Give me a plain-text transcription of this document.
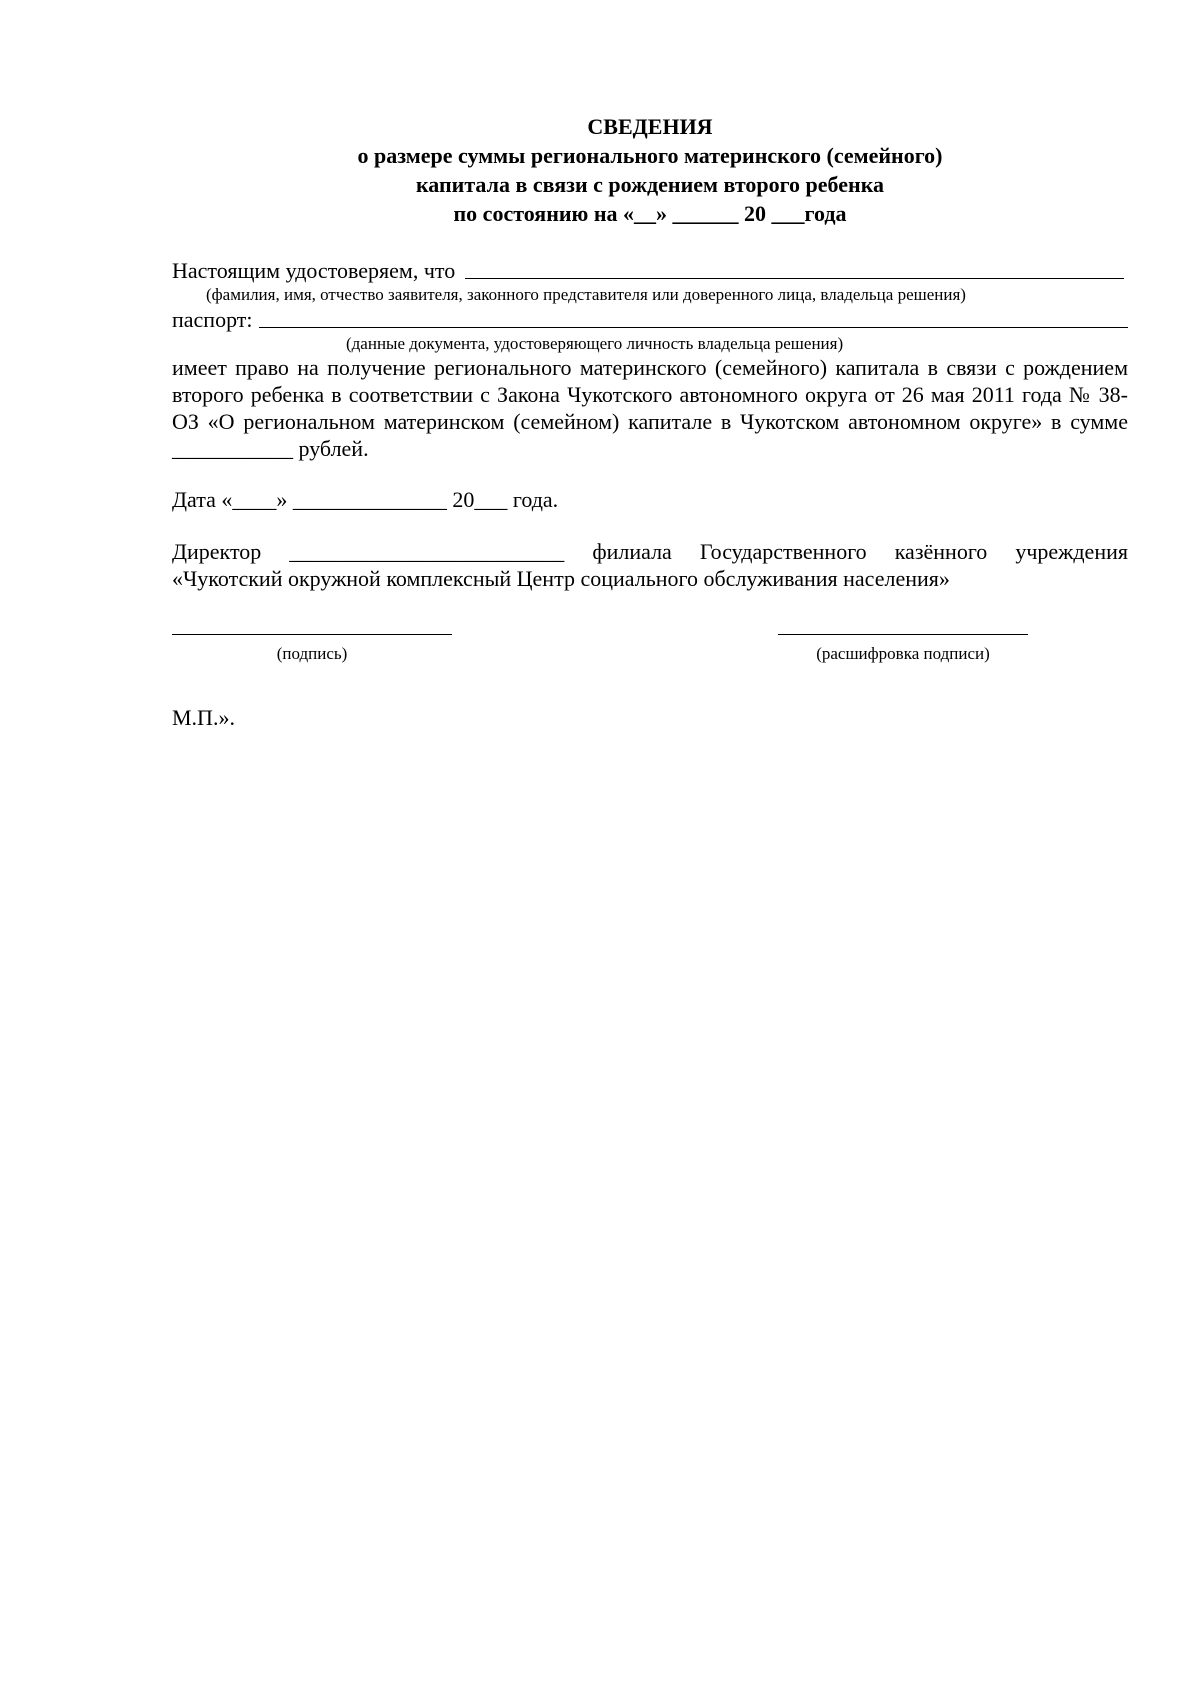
СВЕДЕНИЯ
о размере суммы регионального материнского (семейного)
капитала в связи с рождением второго ребенка
по состоянию на «__» ______ 20 ___года
Настоящим удостоверяем, что
(фамилия, имя, отчество заявителя, законного представителя или доверенного лица, владельца решения)
паспорт:
(данные документа, удостоверяющего личность владельца решения)
имеет право на получение регионального материнского (семейного) капитала в связи с рождением второго ребенка в соответствии с Закона Чукотского автономного округа от 26 мая 2011 года № 38-ОЗ «О региональном материнском (семейном) капитале в Чукотском автономном округе» в сумме ___________ рублей.
Дата «____» ______________ 20___ года.
Директор _________________________ филиала Государственного казённого учреждения «Чукотский окружной комплексный Центр социального обслуживания населения»
(подпись)	(расшифровка подписи)
М.П.».
